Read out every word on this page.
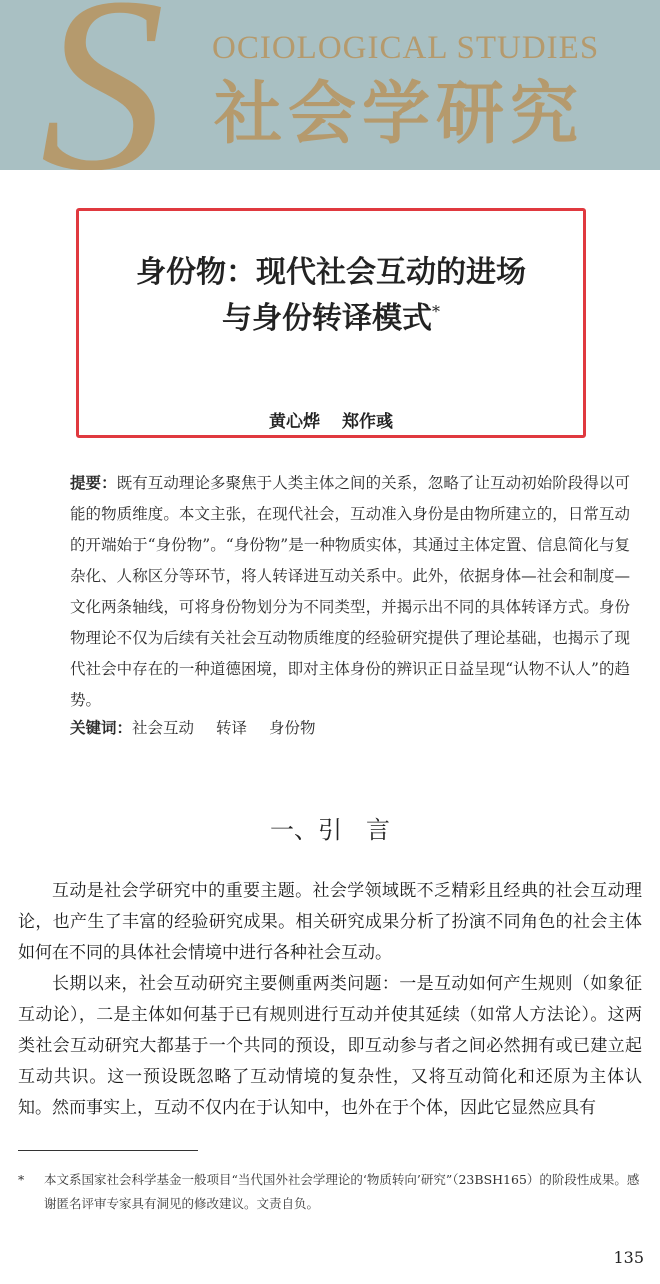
S OCIOLOGICAL STUDIES
社会学研究
身份物：现代社会互动的进场
与身份转译模式*
黄心烨 郑作彧
提要：既有互动理论多聚焦于人类主体之间的关系，忽略了让互动初始阶段得以可能的物质维度。本文主张，在现代社会，互动准入身份是由物所建立的，日常互动的开端始于“身份物”。“身份物”是一种物质实体，其通过主体定置、信息简化与复杂化、人称区分等环节，将人转译进互动关系中。此外，依据身体—社会和制度—文化两条轴线，可将身份物划分为不同类型，并揭示出不同的具体转译方式。身份物理论不仅为后续有关社会互动物质维度的经验研究提供了理论基础，也揭示了现代社会中存在的一种道德困境，即对主体身份的辨识正日益呈现“认物不认人”的趋势。
关键词：社会互动 转译 身份物
一、引　言

互动是社会学研究中的重要主题。社会学领域既不乏精彩且经典的社会互动理论，也产生了丰富的经验研究成果。相关研究成果分析了扮演不同角色的社会主体如何在不同的具体社会情境中进行各种社会互动。

长期以来，社会互动研究主要侧重两类问题：一是互动如何产生规则（如象征互动论），二是主体如何基于已有规则进行互动并使其延续（如常人方法论）。这两类社会互动研究大都基于一个共同的预设，即互动参与者之间必然拥有或已建立起互动共识。这一预设既忽略了互动情境的复杂性，又将互动简化和还原为主体认知。然而事实上，互动不仅内在于认知中，也外在于个体，因此它显然应具有

* 本文系国家社会科学基金一般项目“当代国外社会学理论的‘物质转向’研究”（23BSH165）的阶段性成果。感谢匿名评审专家具有洞见的修改建议。文责自负。
135
